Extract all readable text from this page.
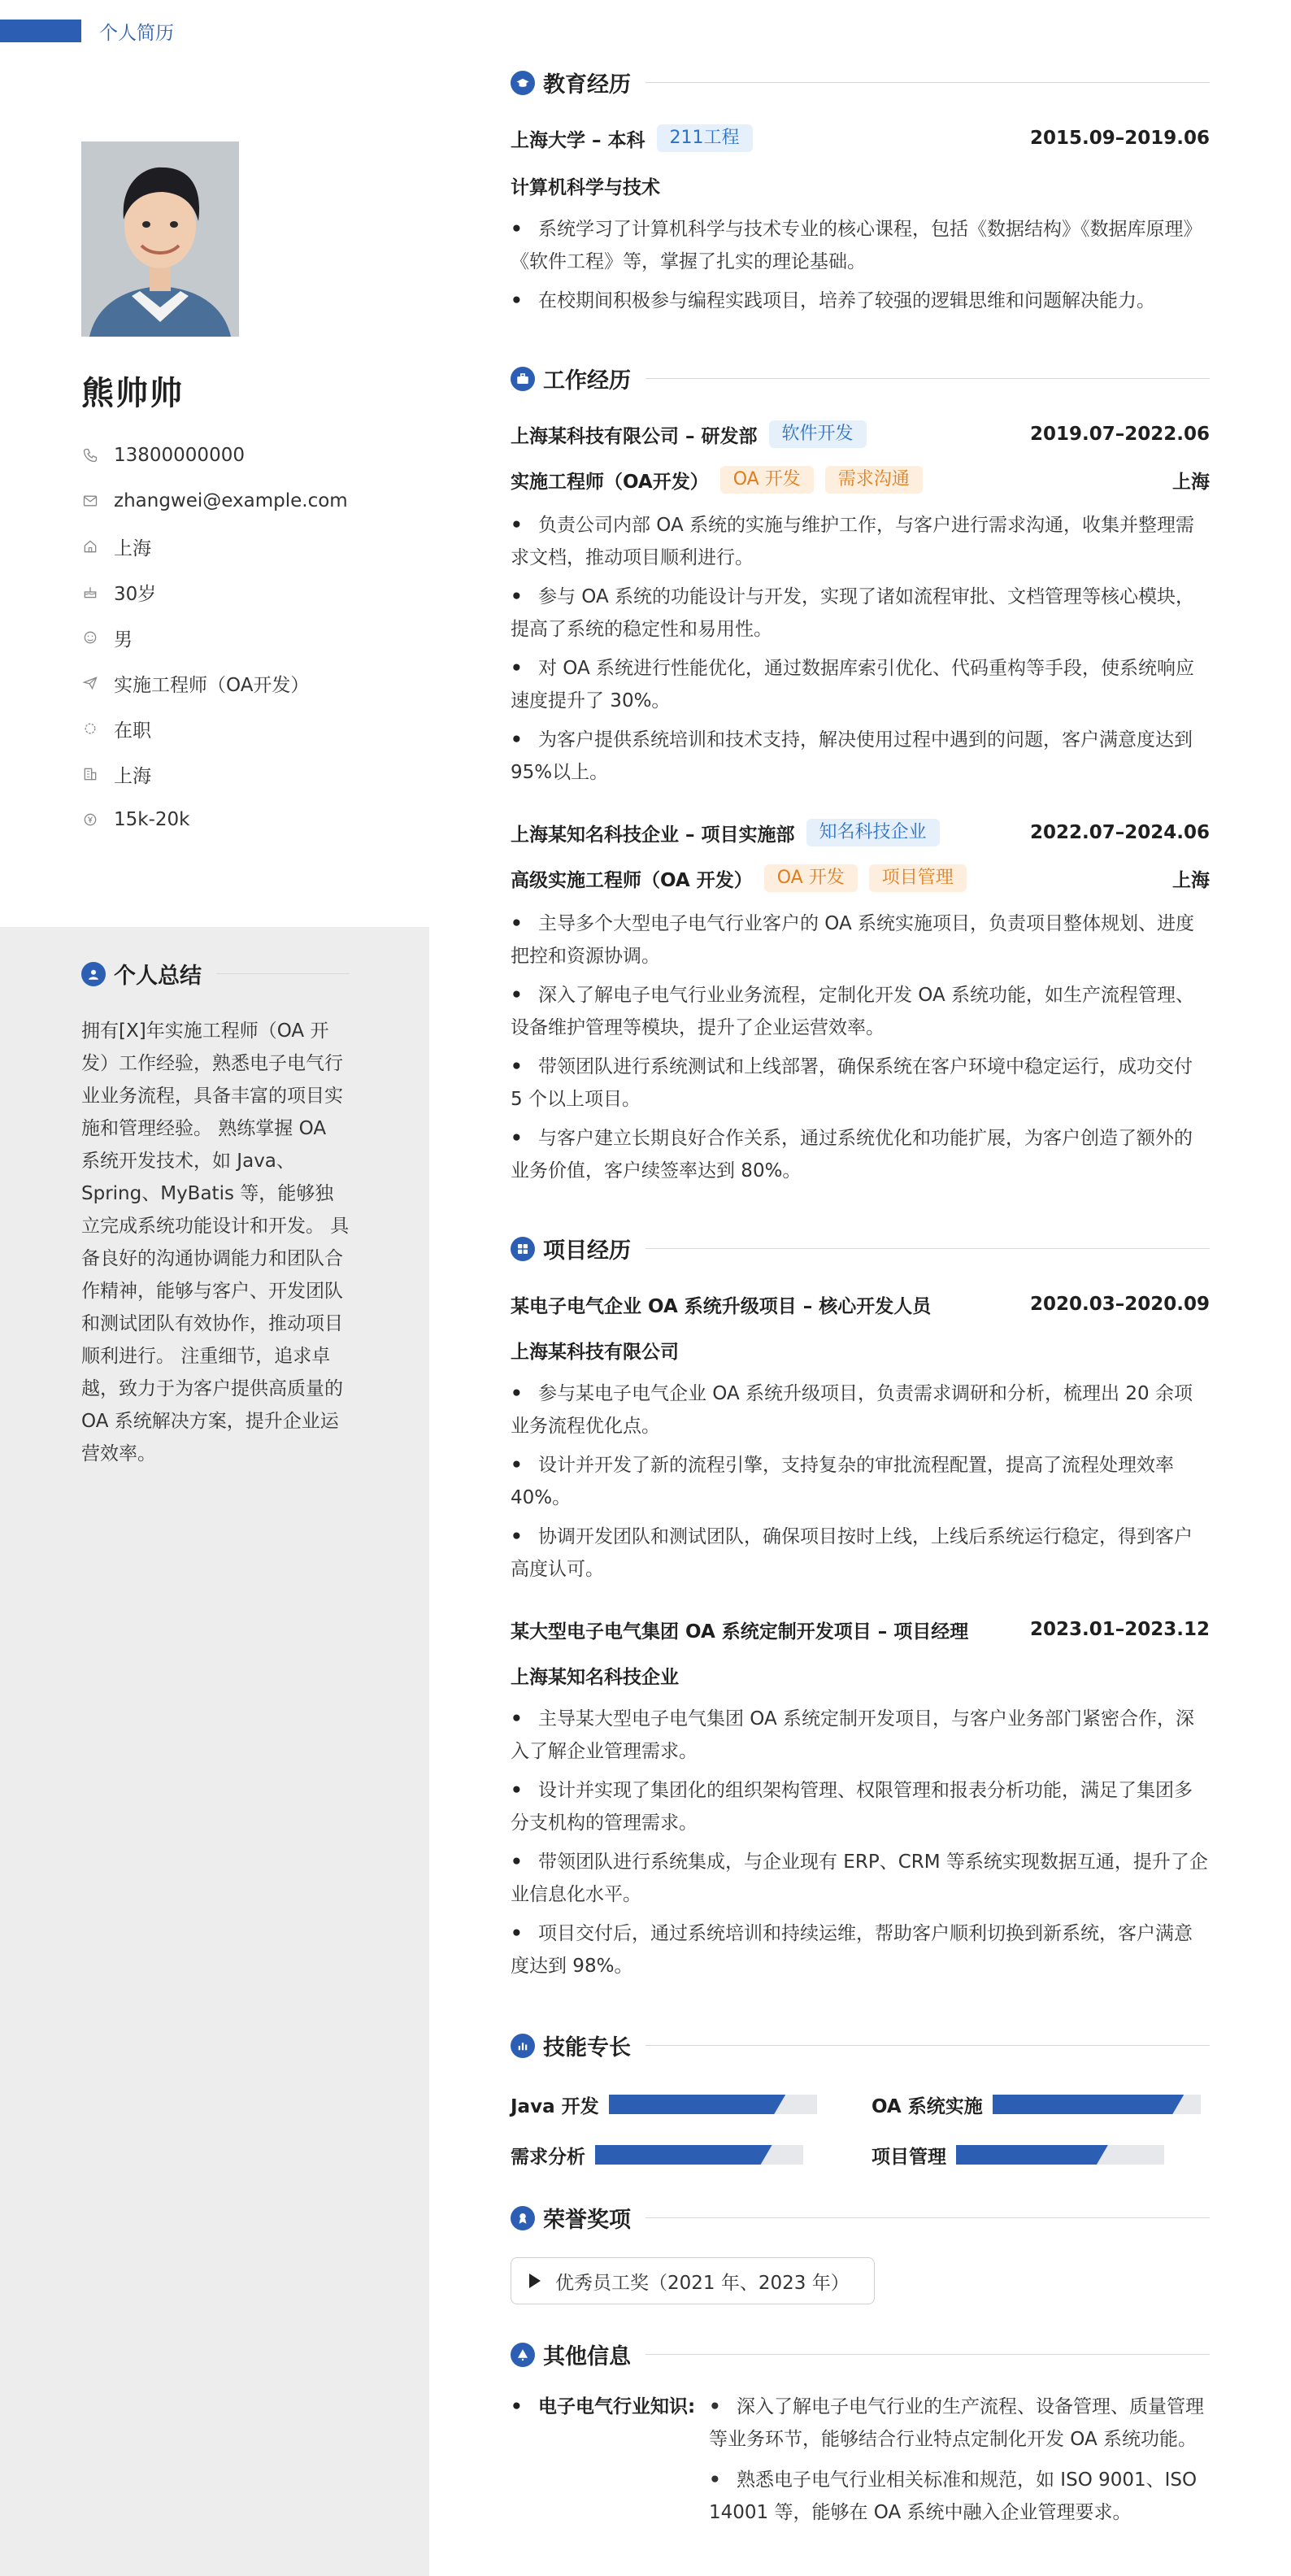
个人简历
熊帅帅
13800000000
zhangwei@example.com
上海
30岁
男
实施工程师（OA开发）
在职
上海
15k-20k
个人总结
拥有[X]年实施工程师（OA 开发）工作经验，熟悉电子电气行业业务流程，具备丰富的项目实施和管理经验。 熟练掌握 OA 系统开发技术，如 Java、Spring、MyBatis 等，能够独立完成系统功能设计和开发。 具备良好的沟通协调能力和团队合作精神，能够与客户、开发团队和测试团队有效协作，推动项目顺利进行。 注重细节，追求卓越，致力于为客户提供高质量的 OA 系统解决方案，提升企业运营效率。
教育经历
上海大学 – 本科	211工程	2015.09–2019.06
计算机科学与技术
• 系统学习了计算机科学与技术专业的核心课程，包括《数据结构》《数据库原理》《软件工程》等，掌握了扎实的理论基础。
• 在校期间积极参与编程实践项目，培养了较强的逻辑思维和问题解决能力。
工作经历
上海某科技有限公司 – 研发部	软件开发	2019.07–2022.06
实施工程师（OA开发）	OA 开发	需求沟通	上海
• 负责公司内部 OA 系统的实施与维护工作，与客户进行需求沟通，收集并整理需求文档，推动项目顺利进行。
• 参与 OA 系统的功能设计与开发，实现了诸如流程审批、文档管理等核心模块，提高了系统的稳定性和易用性。
• 对 OA 系统进行性能优化，通过数据库索引优化、代码重构等手段，使系统响应速度提升了 30%。
• 为客户提供系统培训和技术支持，解决使用过程中遇到的问题，客户满意度达到 95%以上。
上海某知名科技企业 – 项目实施部	知名科技企业	2022.07–2024.06
高级实施工程师（OA 开发）	OA 开发	项目管理	上海
• 主导多个大型电子电气行业客户的 OA 系统实施项目，负责项目整体规划、进度把控和资源协调。
• 深入了解电子电气行业业务流程，定制化开发 OA 系统功能，如生产流程管理、设备维护管理等模块，提升了企业运营效率。
• 带领团队进行系统测试和上线部署，确保系统在客户环境中稳定运行，成功交付 5 个以上项目。
• 与客户建立长期良好合作关系，通过系统优化和功能扩展，为客户创造了额外的业务价值，客户续签率达到 80%。
项目经历
某电子电气企业 OA 系统升级项目 – 核心开发人员	2020.03–2020.09
上海某科技有限公司
• 参与某电子电气企业 OA 系统升级项目，负责需求调研和分析，梳理出 20 余项业务流程优化点。
• 设计并开发了新的流程引擎，支持复杂的审批流程配置，提高了流程处理效率 40%。
• 协调开发团队和测试团队，确保项目按时上线，上线后系统运行稳定，得到客户高度认可。
某大型电子电气集团 OA 系统定制开发项目 – 项目经理	2023.01–2023.12
上海某知名科技企业
• 主导某大型电子电气集团 OA 系统定制开发项目，与客户业务部门紧密合作，深入了解企业管理需求。
• 设计并实现了集团化的组织架构管理、权限管理和报表分析功能，满足了集团多分支机构的管理需求。
• 带领团队进行系统集成，与企业现有 ERP、CRM 等系统实现数据互通，提升了企业信息化水平。
• 项目交付后，通过系统培训和持续运维，帮助客户顺利切换到新系统，客户满意度达到 98%。
技能专长
Java 开发	OA 系统实施
需求分析	项目管理
荣誉奖项
优秀员工奖（2021 年、2023 年）
其他信息
• 电子电气行业知识:
•	深入了解电子电气行业的生产流程、设备管理、质量管理等业务环节，能够结合行业特点定制化开发 OA 系统功能。
• 熟悉电子电气行业相关标准和规范，如 ISO 9001、ISO 14001 等，能够在 OA 系统中融入企业管理要求。
